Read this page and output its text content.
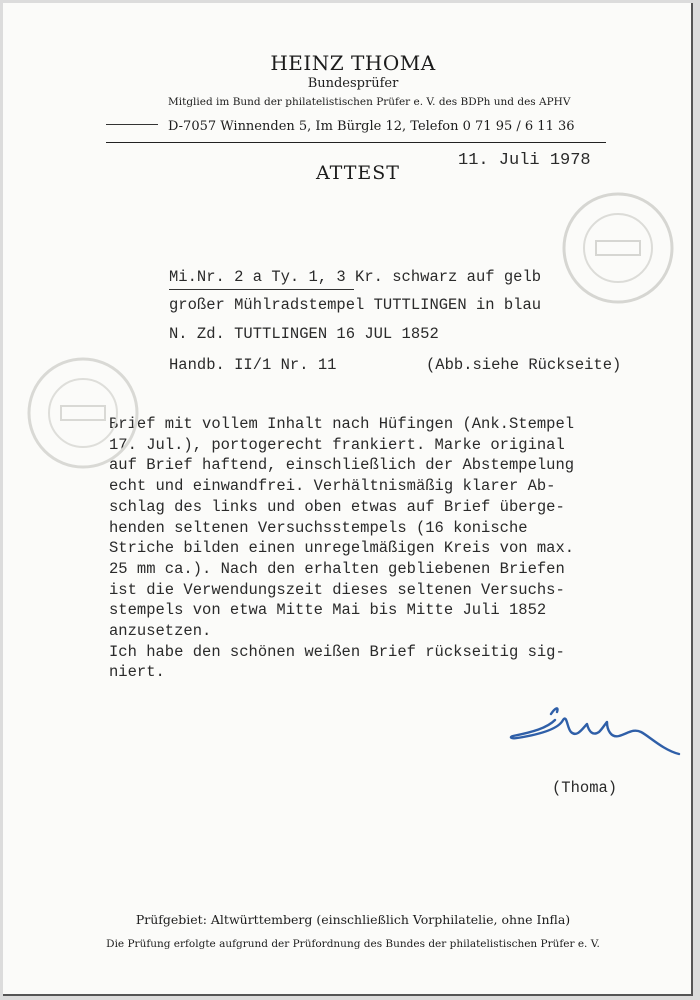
HEINZ THOMA

Bundesprüfer

Mitglied im Bund der philatelistischen Prüfer e. V. des BDPh und des APHV

D-7057 Winnenden 5, Im Bürgle 12, Telefon 0 71 95 / 6 11 36

11. Juli 1978

ATTEST

Mi.Nr. 2 a Ty. 1, 3 Kr. schwarz auf gelb

großer Mühlradstempel TUTTLINGEN in blau

N. Zd. TUTTLINGEN 16 JUL 1852

Handb. II/1 Nr. 11	(Abb.siehe Rückseite)

Brief mit vollem Inhalt nach Hüfingen (Ank.Stempel
17. Jul.), portogerecht frankiert. Marke original
auf Brief haftend, einschließlich der Abstempelung
echt und einwandfrei. Verhältnismäßig klarer Ab-
schlag des links und oben etwas auf Brief überge-
henden seltenen Versuchsstempels (16 konische
Striche bilden einen unregelmäßigen Kreis von max.
25 mm ca.). Nach den erhalten gebliebenen Briefen
ist die Verwendungszeit dieses seltenen Versuchs-
stempels von etwa Mitte Mai bis Mitte Juli 1852
anzusetzen.
Ich habe den schönen weißen Brief rückseitig sig-
niert.

(Thoma)

Prüfgebiet: Altwürttemberg (einschließlich Vorphilatelie, ohne Infla)

Die Prüfung erfolgte aufgrund der Prüfordnung des Bundes der philatelistischen Prüfer e. V.
